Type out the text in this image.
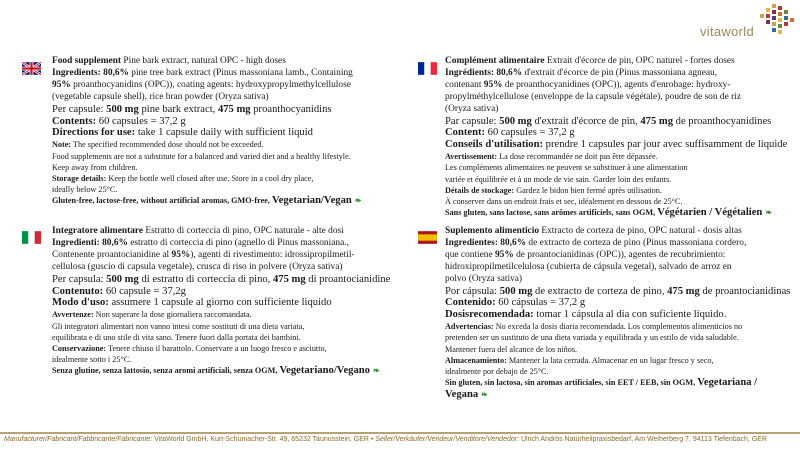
vitaworld

Food supplement Pine bark extract, natural OPC - high doses

Ingredients: 80,6% pine tree bark extract (Pinus massoniana lamb., Containing

95% proanthocyanidins (OPC)), coating agents: hydroxypropylmethylcellulose

(vegetable capsule shell), rice bran powder (Oryza sativa)

Per capsule: 500 mg pine bark extract, 475 mg proanthocyanidins

Contents: 60 capsules = 37,2 g

Directions for use: take 1 capsule daily with sufficient liquid

Note: The specified recommended dose should not be exceeded.

Food supplements are not a substitute for a balanced and varied diet and a healthy lifestyle.

Keep away from children.

Storage details: Keep the bottle well closed after use. Store in a cool dry place,

ideally below 25°C.

Gluten-free, lactose-free, without artificial aromas, GMO-free, Vegetarian/Vegan ❧

Complément alimentaire Extrait d'écorce de pin, OPC naturel - fortes doses

Ingrédients: 80,6% d'extrait d'écorce de pin (Pinus massoniana agneau,

contenant 95% de proanthocyanidines (OPC)), agents d'enrobage: hydroxy-

propylméthylcellulose (enveloppe de la capsule végétale), poudre de son de riz

(Oryza sativa)

Par capsule: 500 mg d'extrait d'écorce de pin, 475 mg de proanthocyanidines

Content: 60 capsules = 37,2 g

Conseils d'utilisation: prendre 1 capsules par jour avec suffisamment de liquide

Avertissement: La dose recommandée ne doit pas être dépassée.

Les compléments alimentaires ne peuvent se substituer à une alimentation

variée et équilibrée et à un mode de vie sain. Garder loin des enfants.

Détails de stockage: Gardez le bidon bien fermé après utilisation.

À conserver dans un endroit frais et sec, idéalement en dessous de 25°C.

Sans gluten, sans lactose, sans arômes artificiels, sans OGM, Végétarien / Végétalien ❧

Integratore alimentare Estratto di corteccia di pino, OPC naturale - alte dosi

Ingredienti: 80,6% estratto di corteccia di pino (agnello di Pinus massoniana.,

Contenente proantocianidine al 95%), agenti di rivestimento: idrossipropilmetil-

cellulosa (guscio di capsula vegetale), crusca di riso in polvere (Oryza sativa)

Per capsula: 500 mg di estratto di corteccia di pino, 475 mg di proantocianidine

Contenuto: 60 capsule = 37,2g

Modo d'uso: assumere 1 capsule al giorno con sufficiente liquido

Avvertenze: Non superare la dose giornaliera raccomandata.

Gli integratori alimentari non vanno intesi come sostituti di una dieta variata,

equilibrata e di uno stile di vita sano. Tenere fuori dalla portata dei bambini.

Conservazione: Tenere chiuso il barattolo. Conservare a un luogo fresco e asciutto,

idealmente sotto i 25°C.

Senza glutine, senza lattosio, senza aromi artificiali, senza OGM, Vegetariano/Vegano ❧

Suplemento alimenticio Extracto de corteza de pino, OPC natural - dosis altas

Ingredientes: 80,6% de extracto de corteza de pino (Pinus massoniana cordero,

que contiene 95% de proantocianidinas (OPC)), agentes de recubrimiento:

hidroxipropilmetilcelulosa (cubierta de cápsula vegetal), salvado de arroz en

polvo (Oryza sativa)

Por cápsula: 500 mg de extracto de corteza de pino, 475 mg de proantocianidinas

Contenido: 60 cápsulas = 37,2 g

Dosisrecomendada: tomar 1 cápsula al día con suficiente líquido.

Advertencias: No exceda la dosis diaria recomendada. Los complementos alimenticios no

pretenden ser un sustituto de una dieta variada y equilibrada y un estilo de vida saludable.

Mantener fuera del alcance de los niños.

Almacenamiento: Mantener la lata cerrada. Almacenar en un lugar fresco y seco,

idealmente por debajo de 25°C.

Sin gluten, sin lactosa, sin aromas artificiales, sin EET / EEB, sin OGM, Vegetariana /

Vegana ❧

Manufacturer/Fabricant/Fabbricante/Fabricante: VitaWorld GmbH, Kurt-Schumacher-Str. 49, 65232 Taunusstein, GER • Seller/Verkäufer/Vendeur/Venditore/Vendedor: Ulrich Andrös Naturheilpraxisbedarf, Am Weiherberg 7, 94113 Tiefenbach, GER
